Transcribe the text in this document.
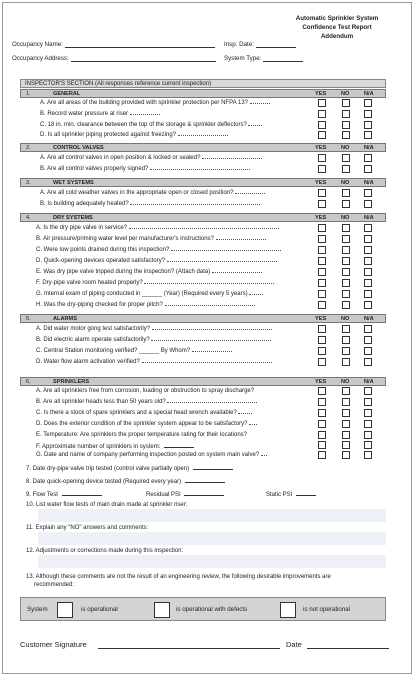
Automatic Sprinkler System
Confidence Test Report
Addendum
Occupancy Name:	Insp. Date:
Occupancy Address:	System Type:
INSPECTOR'S SECTION (All responses reference current inspection)
1.	GENERAL	YES	NO	N/A
A. Are all areas of the building provided with sprinkler protection per NFPA 13?
B. Record water pressure at riser
C. 18 in. min. clearance between the top of the storage & sprinkler deflectors?
D. Is all sprinkler piping protected against freezing?
2.	CONTROL VALVES	YES	NO	N/A
A. Are all control valves in open position & locked or sealed?
B. Are all control valves properly signed?
3.	WET SYSTEMS	YES	NO	N/A
A. Are all cold weather valves in the appropriate open or closed position?
B. Is building adequately heated?
4.	DRY SYSTEMS	YES	NO	N/A
A. Is the dry pipe valve in service?
B. Air pressure/priming water level per manufacturer's instructions?
C. Were low points drained during this inspection?
D. Quick-opening devices operated satisfactory?
E. Was dry pipe valve tripped during the inspection? (Attach data)
F. Dry-pipe valve room heated properly?
G. Internal exam of piping conducted in ______ (Year) (Required every 5 years)
H. Was the dry-piping checked for proper pitch?
5.	ALARMS	YES	NO	N/A
A. Did water motor gong test satisfactorily?
B. Did electric alarm operate satisfactorily?
C. Central Station monitoring verified? ______ By Whom?
D. Water flow alarm activation verified?
6.	SPRINKLERS	YES	NO	N/A
A. Are all sprinklers free from corrosion, loading or obstruction to spray discharge?
B. Are all sprinkler heads less than 50 years old?
C. Is there a stock of spare sprinklers and a special head wrench available?
D. Does the exterior condition of the sprinkler system appear to be satisfactory?
E. Temperature: Are sprinklers the proper temperature rating for their locations?
F. Approximate number of sprinklers in system:
G. Date and name of company performing inspection posted on system main valve?
7. Date dry-pipe valve trip tested (control valve partially open)
8. Date quick-opening device tested (Required every year)
9. Flow Test	Residual PSI	Static PSI
10. List water flow tests of main drain made at sprinkler riser:
11. Explain any "NO" answers and comments:
12. Adjustments or corrections made during this inspection:
13. Although these comments are not the result of an engineering review, the following desirable improvements are
recommended:
System	is operational	is operational with defects	is not operational
Customer Signature	Date
